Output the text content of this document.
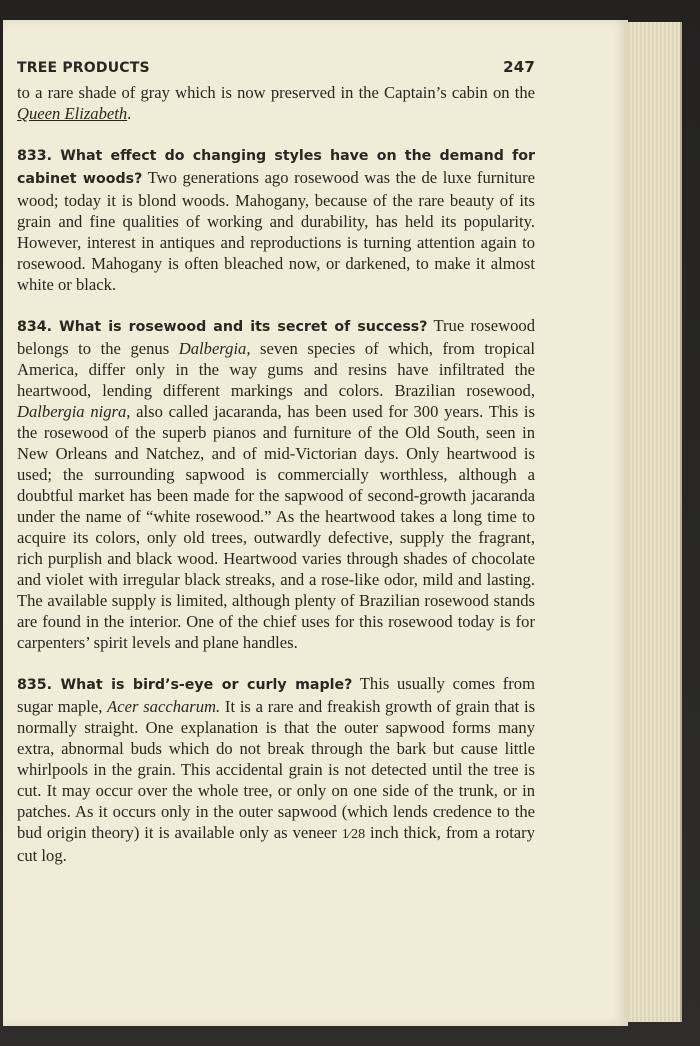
TREE PRODUCTS	247

to a rare shade of gray which is now preserved in the Captain’s cabin on the Queen Elizabeth.

833. What effect do changing styles have on the demand for cabinet woods? Two generations ago rosewood was the de luxe furniture wood; today it is blond woods. Mahogany, because of the rare beauty of its grain and fine qualities of working and durability, has held its popularity. However, interest in antiques and reproductions is turning attention again to rosewood. Mahogany is often bleached now, or darkened, to make it almost white or black.

834. What is rosewood and its secret of success? True rosewood belongs to the genus Dalbergia, seven species of which, from tropical America, differ only in the way gums and resins have infiltrated the heartwood, lending different markings and colors. Brazilian rosewood, Dalbergia nigra, also called jacaranda, has been used for 300 years. This is the rosewood of the superb pianos and furniture of the Old South, seen in New Orleans and Natchez, and of mid-Victorian days. Only heartwood is used; the surrounding sapwood is commercially worthless, although a doubtful market has been made for the sapwood of second-growth jacaranda under the name of “white rosewood.” As the heartwood takes a long time to acquire its colors, only old trees, outwardly defective, supply the fragrant, rich purplish and black wood. Heartwood varies through shades of chocolate and violet with irregular black streaks, and a rose-like odor, mild and lasting. The available supply is limited, although plenty of Brazilian rosewood stands are found in the interior. One of the chief uses for this rosewood today is for carpenters’ spirit levels and plane handles.

835. What is bird’s-eye or curly maple? This usually comes from sugar maple, Acer saccharum. It is a rare and freakish growth of grain that is normally straight. One explanation is that the outer sapwood forms many extra, abnormal buds which do not break through the bark but cause little whirlpools in the grain. This accidental grain is not detected until the tree is cut. It may occur over the whole tree, or only on one side of the trunk, or in patches. As it occurs only in the outer sapwood (which lends credence to the bud origin theory) it is available only as veneer 1⁄28 inch thick, from a rotary cut log.
